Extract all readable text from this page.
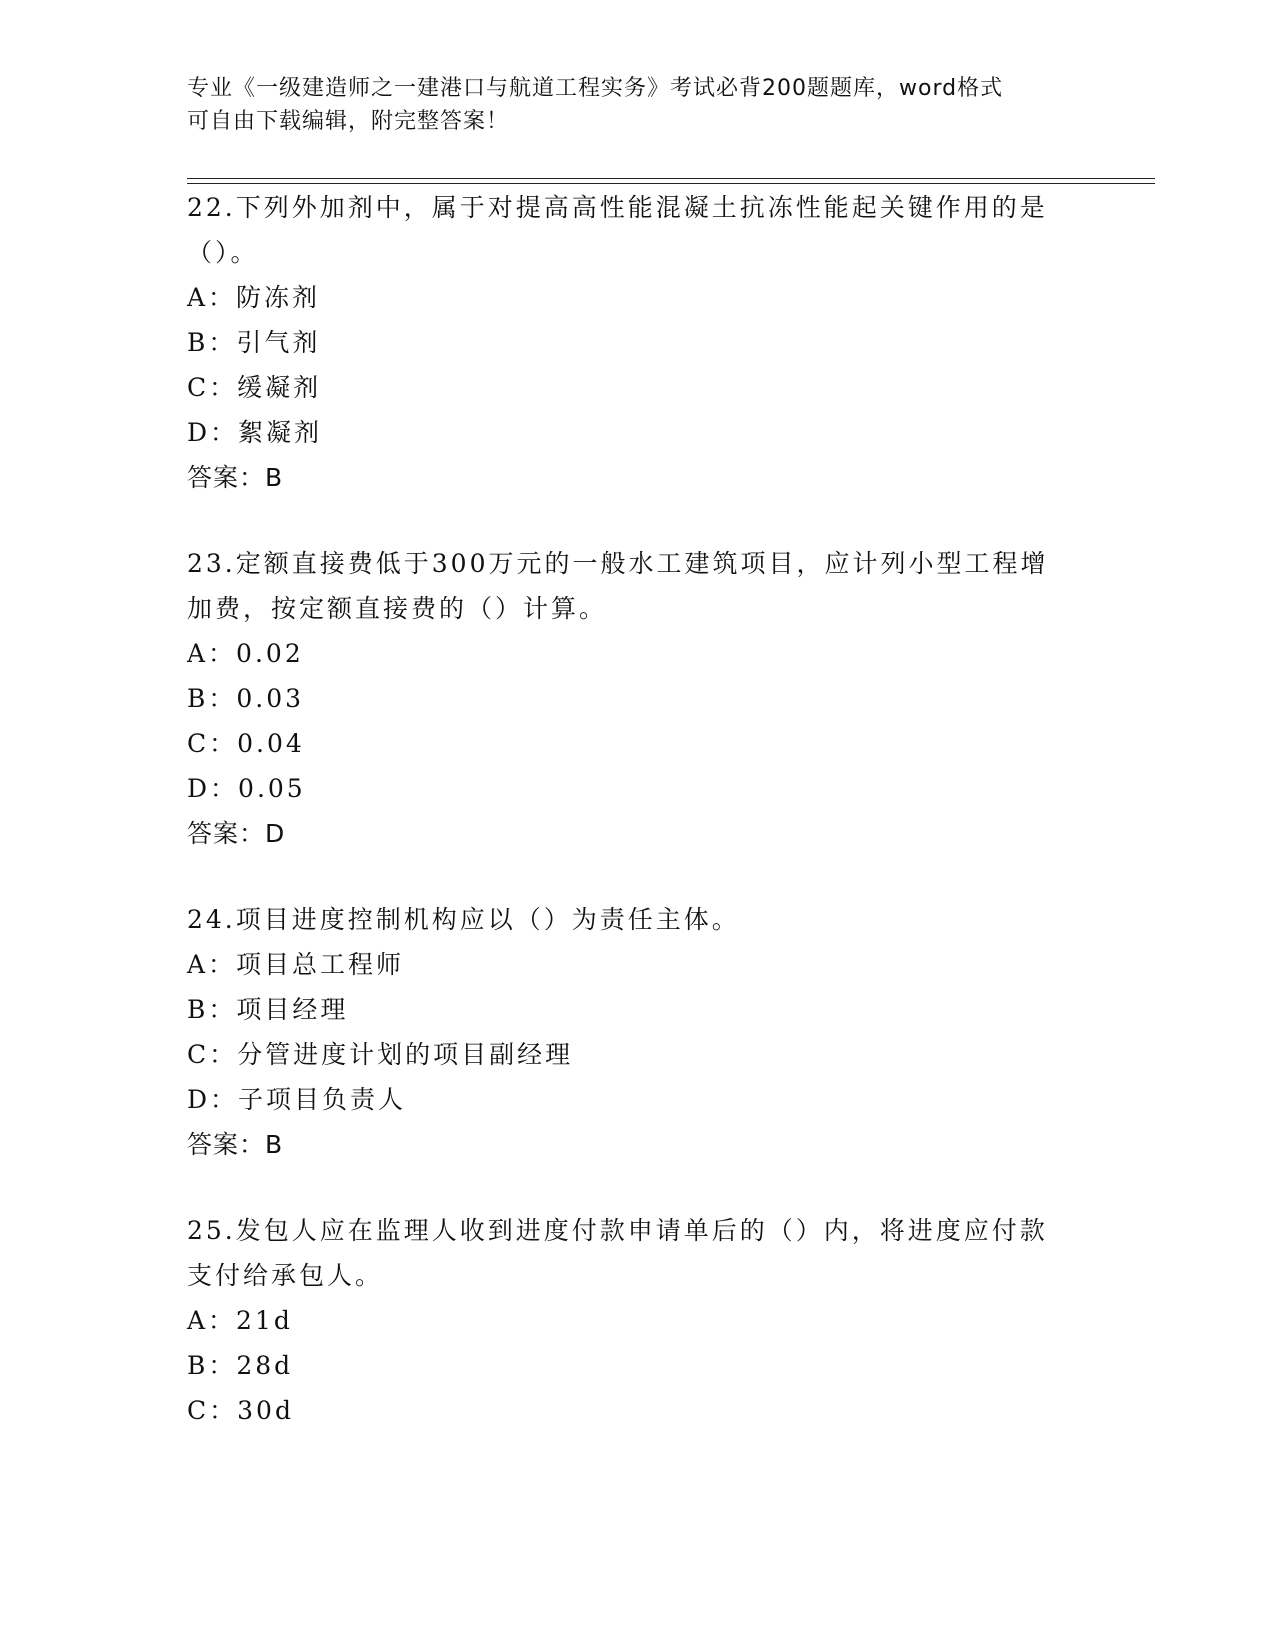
专业《一级建造师之一建港口与航道工程实务》考试必背200题题库，word格式
可自由下载编辑，附完整答案！
22.下列外加剂中，属于对提高高性能混凝土抗冻性能起关键作用的是
（）。
A：防冻剂
B：引气剂
C：缓凝剂
D：絮凝剂
答案：B
23.定额直接费低于300万元的一般水工建筑项目，应计列小型工程增
加费，按定额直接费的（）计算。
A：0.02
B：0.03
C：0.04
D：0.05
答案：D
24.项目进度控制机构应以（）为责任主体。
A：项目总工程师
B：项目经理
C：分管进度计划的项目副经理
D：子项目负责人
答案：B
25.发包人应在监理人收到进度付款申请单后的（）内，将进度应付款
支付给承包人。
A：21d
B：28d
C：30d
